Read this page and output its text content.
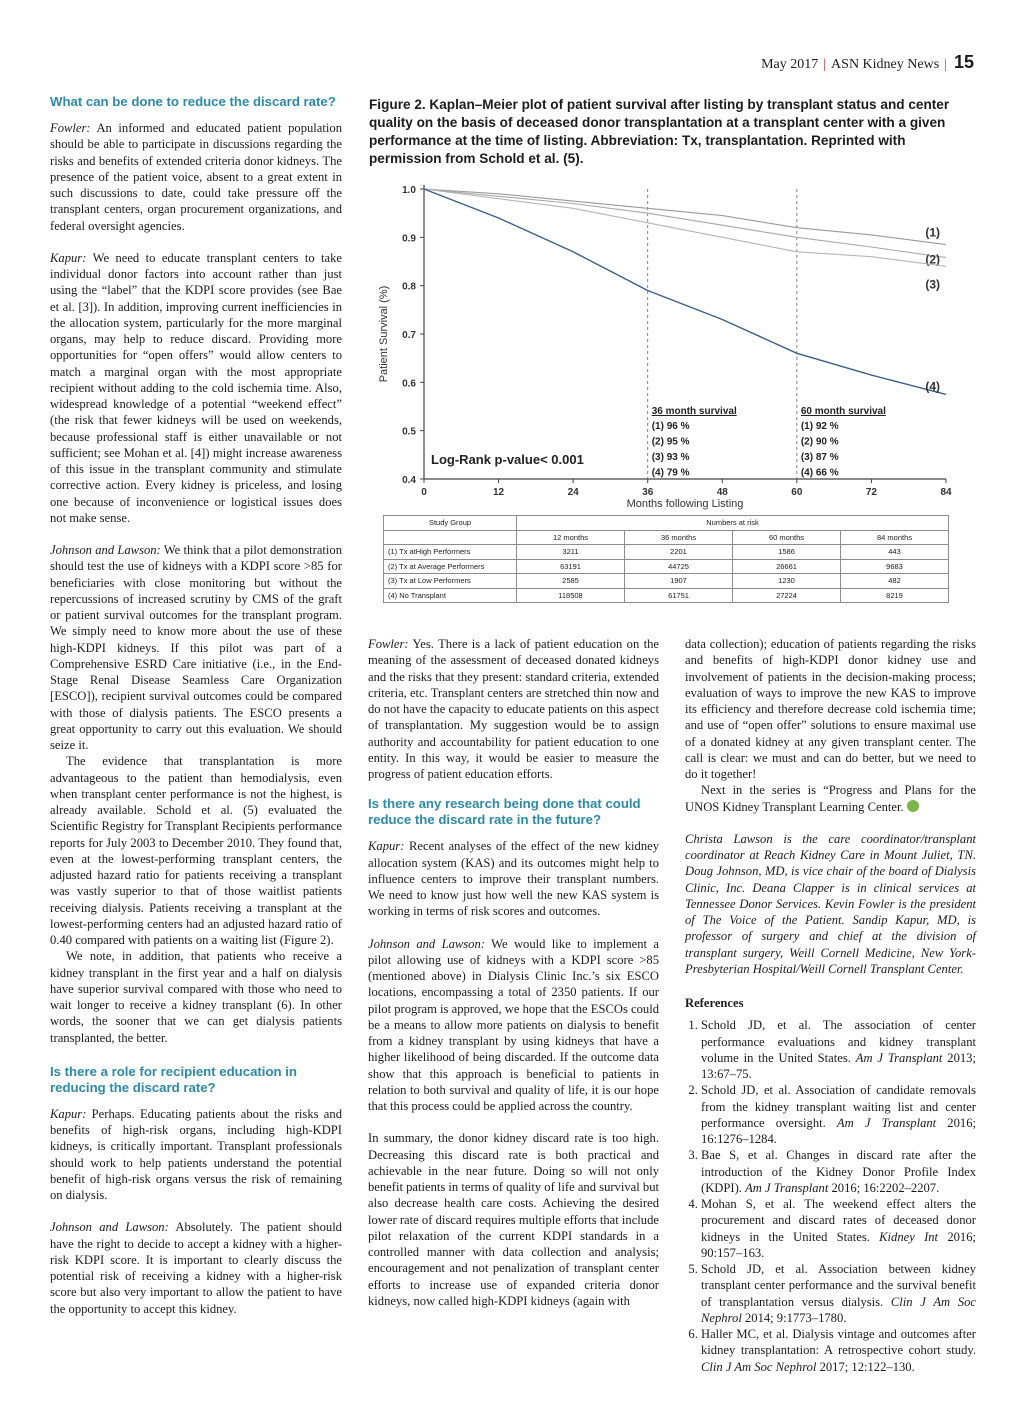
May 2017 | ASN Kidney News | 15
What can be done to reduce the discard rate?

Fowler: An informed and educated patient population should be able to participate in discussions regarding the risks and benefits of extended criteria donor kidneys. The presence of the patient voice, absent to a great extent in such discussions to date, could take pressure off the transplant centers, organ procurement organizations, and federal oversight agencies.

Kapur: We need to educate transplant centers to take individual donor factors into account rather than just using the “label” that the KDPI score provides (see Bae et al. [3]). In addition, improving current inefficiencies in the allocation system, particularly for the more marginal organs, may help to reduce discard. Providing more opportunities for “open offers” would allow centers to match a marginal organ with the most appropriate recipient without adding to the cold ischemia time. Also, widespread knowledge of a potential “weekend effect” (the risk that fewer kidneys will be used on weekends, because professional staff is either unavailable or not sufficient; see Mohan et al. [4]) might increase awareness of this issue in the transplant community and stimulate corrective action. Every kidney is priceless, and losing one because of inconvenience or logistical issues does not make sense.

Johnson and Lawson: We think that a pilot demonstration should test the use of kidneys with a KDPI score >85 for beneficiaries with close monitoring but without the repercussions of increased scrutiny by CMS of the graft or patient survival outcomes for the transplant program. We simply need to know more about the use of these high-KDPI kidneys. If this pilot was part of a Comprehensive ESRD Care initiative (i.e., in the End-Stage Renal Disease Seamless Care Organization [ESCO]), recipient survival outcomes could be compared with those of dialysis patients. The ESCO presents a great opportunity to carry out this evaluation. We should seize it.

The evidence that transplantation is more advantageous to the patient than hemodialysis, even when transplant center performance is not the highest, is already available. Schold et al. (5) evaluated the Scientific Registry for Transplant Recipients performance reports for July 2003 to December 2010. They found that, even at the lowest-performing transplant centers, the adjusted hazard ratio for patients receiving a transplant was vastly superior to that of those waitlist patients receiving dialysis. Patients receiving a transplant at the lowest-performing centers had an adjusted hazard ratio of 0.40 compared with patients on a waiting list (Figure 2).

We note, in addition, that patients who receive a kidney transplant in the first year and a half on dialysis have superior survival compared with those who need to wait longer to receive a kidney transplant (6). In other words, the sooner that we can get dialysis patients transplanted, the better.

Is there a role for recipient education in reducing the discard rate?

Kapur: Perhaps. Educating patients about the risks and benefits of high-risk organs, including high-KDPI kidneys, is critically important. Transplant professionals should work to help patients understand the potential benefit of high-risk organs versus the risk of remaining on dialysis.

Johnson and Lawson: Absolutely. The patient should have the right to decide to accept a kidney with a higher-risk KDPI score. It is important to clearly discuss the potential risk of receiving a kidney with a higher-risk score but also very important to allow the patient to have the opportunity to accept this kidney.

Figure 2. Kaplan–Meier plot of patient survival after listing by transplant status and center quality on the basis of deceased donor transplantation at a transplant center with a given performance at the time of listing. Abbreviation: Tx, transplantation. Reprinted with permission from Schold et al. (5).
0.4
0.5
0.6
0.7
0.8
0.9
1.0
0	12	24	36	48	60	72	84
Months following Listing
Patient Survival (%)
(1)
(2)
(3)
(4)
Log-Rank p-value< 0.001
36 month survival
(1) 96 %
(2) 95 %
(3) 93 %
(4) 79 %
60 month survival
(1) 92 %
(2) 90 %
(3) 87 %
(4) 66 %
Study Group	Numbers at risk			
	12 months	36 months	60 months	84 months
(1) Tx atHigh Performers	3211	2201	1586	443
(2) Tx at Average Performers	63191	44725	26661	9683
(3) Tx at Low Performers	2585	1907	1230	482
(4) No Transplant	118508	61751	27224	8219

Fowler: Yes. There is a lack of patient education on the meaning of the assessment of deceased donated kidneys and the risks that they present: standard criteria, extended criteria, etc. Transplant centers are stretched thin now and do not have the capacity to educate patients on this aspect of transplantation. My suggestion would be to assign authority and accountability for patient education to one entity. In this way, it would be easier to measure the progress of patient education efforts.

Is there any research being done that could reduce the discard rate in the future?

Kapur: Recent analyses of the effect of the new kidney allocation system (KAS) and its outcomes might help to influence centers to improve their transplant numbers. We need to know just how well the new KAS system is working in terms of risk scores and outcomes.

Johnson and Lawson: We would like to implement a pilot allowing use of kidneys with a KDPI score >85 (mentioned above) in Dialysis Clinic Inc.’s six ESCO locations, encompassing a total of 2350 patients. If our pilot program is approved, we hope that the ESCOs could be a means to allow more patients on dialysis to benefit from a kidney transplant by using kidneys that have a higher likelihood of being discarded. If the outcome data show that this approach is beneficial to patients in relation to both survival and quality of life, it is our hope that this process could be applied across the country.

In summary, the donor kidney discard rate is too high. Decreasing this discard rate is both practical and achievable in the near future. Doing so will not only benefit patients in terms of quality of life and survival but also decrease health care costs. Achieving the desired lower rate of discard requires multiple efforts that include pilot relaxation of the current KDPI standards in a controlled manner with data collection and analysis; encouragement and not penalization of transplant center efforts to increase use of expanded criteria donor kidneys, now called high-KDPI kidneys (again with

data collection); education of patients regarding the risks and benefits of high-KDPI donor kidney use and involvement of patients in the decision-making process; evaluation of ways to improve the new KAS to improve its efficiency and therefore decrease cold ischemia time; and use of “open offer” solutions to ensure maximal use of a donated kidney at any given transplant center. The call is clear: we must and can do better, but we need to do it together!

Next in the series is “Progress and Plans for the UNOS Kidney Transplant Learning Center.

Christa Lawson is the care coordinator/transplant coordinator at Reach Kidney Care in Mount Juliet, TN. Doug Johnson, MD, is vice chair of the board of Dialysis Clinic, Inc. Deana Clapper is in clinical services at Tennessee Donor Services. Kevin Fowler is the president of The Voice of the Patient. Sandip Kapur, MD, is professor of surgery and chief at the division of transplant surgery, Weill Cornell Medicine, New York-Presbyterian Hospital/Weill Cornell Transplant Center.

References
1. Schold JD, et al. The association of center performance evaluations and kidney transplant volume in the United States. Am J Transplant 2013; 13:67–75.
2. Schold JD, et al. Association of candidate removals from the kidney transplant waiting list and center performance oversight. Am J Transplant 2016; 16:1276–1284.
3. Bae S, et al. Changes in discard rate after the introduction of the Kidney Donor Profile Index (KDPI). Am J Transplant 2016; 16:2202–2207.
4. Mohan S, et al. The weekend effect alters the procurement and discard rates of deceased donor kidneys in the United States. Kidney Int 2016; 90:157–163.
5. Schold JD, et al. Association between kidney transplant center performance and the survival benefit of transplantation versus dialysis. Clin J Am Soc Nephrol 2014; 9:1773–1780.
6. Haller MC, et al. Dialysis vintage and outcomes after kidney transplantation: A retrospective cohort study. Clin J Am Soc Nephrol 2017; 12:122–130.
